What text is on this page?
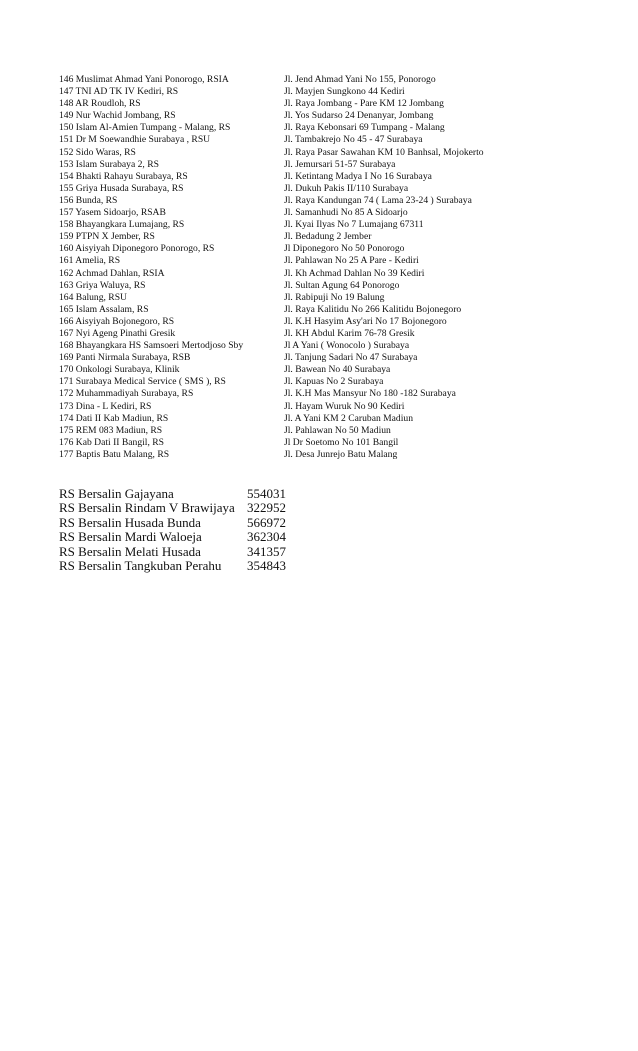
146 Muslimat Ahmad Yani Ponorogo, RSIA	Jl. Jend Ahmad Yani No 155, Ponorogo
147 TNI AD TK IV Kediri, RS	Jl. Mayjen Sungkono 44 Kediri
148 AR Roudloh, RS	Jl. Raya Jombang - Pare KM 12 Jombang
149 Nur Wachid Jombang, RS	Jl. Yos Sudarso 24 Denanyar, Jombang
150 Islam Al-Amien Tumpang - Malang, RS	Jl. Raya Kebonsari 69 Tumpang - Malang
151 Dr M Soewandhie Surabaya , RSU	Jl. Tambakrejo No 45 - 47 Surabaya
152 Sido Waras, RS	Jl. Raya Pasar Sawahan KM 10 Banhsal, Mojokerto
153 Islam Surabaya 2, RS	Jl. Jemursari 51-57 Surabaya
154 Bhakti Rahayu Surabaya, RS	Jl. Ketintang Madya I No 16 Surabaya
155 Griya Husada Surabaya, RS	Jl. Dukuh Pakis II/110 Surabaya
156 Bunda, RS	Jl. Raya Kandungan 74 ( Lama 23-24 ) Surabaya
157 Yasem Sidoarjo, RSAB	Jl. Samanhudi No 85 A Sidoarjo
158 Bhayangkara Lumajang, RS	Jl. Kyai Ilyas No 7 Lumajang 67311
159 PTPN X Jember, RS	Jl. Bedadung 2 Jember
160 Aisyiyah Diponegoro Ponorogo, RS	Jl Diponegoro No 50 Ponorogo
161 Amelia, RS	Jl. Pahlawan No 25 A Pare - Kediri
162 Achmad Dahlan, RSIA	Jl. Kh Achmad Dahlan No 39 Kediri
163 Griya Waluya, RS	Jl. Sultan Agung 64 Ponorogo
164 Balung, RSU	Jl. Rabipuji No 19 Balung
165 Islam Assalam, RS	Jl. Raya Kalitidu No 266 Kalitidu Bojonegoro
166 Aisyiyah Bojonegoro, RS	Jl. K.H Hasyim Asy'ari No 17 Bojonegoro
167 Nyi Ageng Pinathi Gresik	Jl. KH Abdul Karim 76-78 Gresik
168 Bhayangkara HS Samsoeri Mertodjoso Sby	Jl A Yani ( Wonocolo ) Surabaya
169 Panti Nirmala Surabaya, RSB	Jl. Tanjung Sadari No 47 Surabaya
170 Onkologi Surabaya, Klinik	Jl. Bawean No 40 Surabaya
171 Surabaya Medical Service ( SMS ), RS	Jl. Kapuas No 2 Surabaya
172 Muhammadiyah Surabaya, RS	Jl. K.H Mas Mansyur No 180 -182 Surabaya
173 Dina - L Kediri, RS	Jl. Hayam Wuruk No 90 Kediri
174 Dati II Kab Madiun, RS	Jl. A Yani KM 2 Caruban Madiun
175 REM 083 Madiun, RS	Jl. Pahlawan No 50 Madiun
176 Kab Dati II Bangil, RS	Jl Dr Soetomo No 101 Bangil
177 Baptis Batu Malang, RS	Jl. Desa Junrejo Batu Malang
RS Bersalin Gajayana	554031
RS Bersalin Rindam V Brawijaya 322952
RS Bersalin Husada Bunda	566972
RS Bersalin Mardi Waloeja	362304
RS Bersalin Melati Husada	341357
RS Bersalin Tangkuban Perahu	354843
